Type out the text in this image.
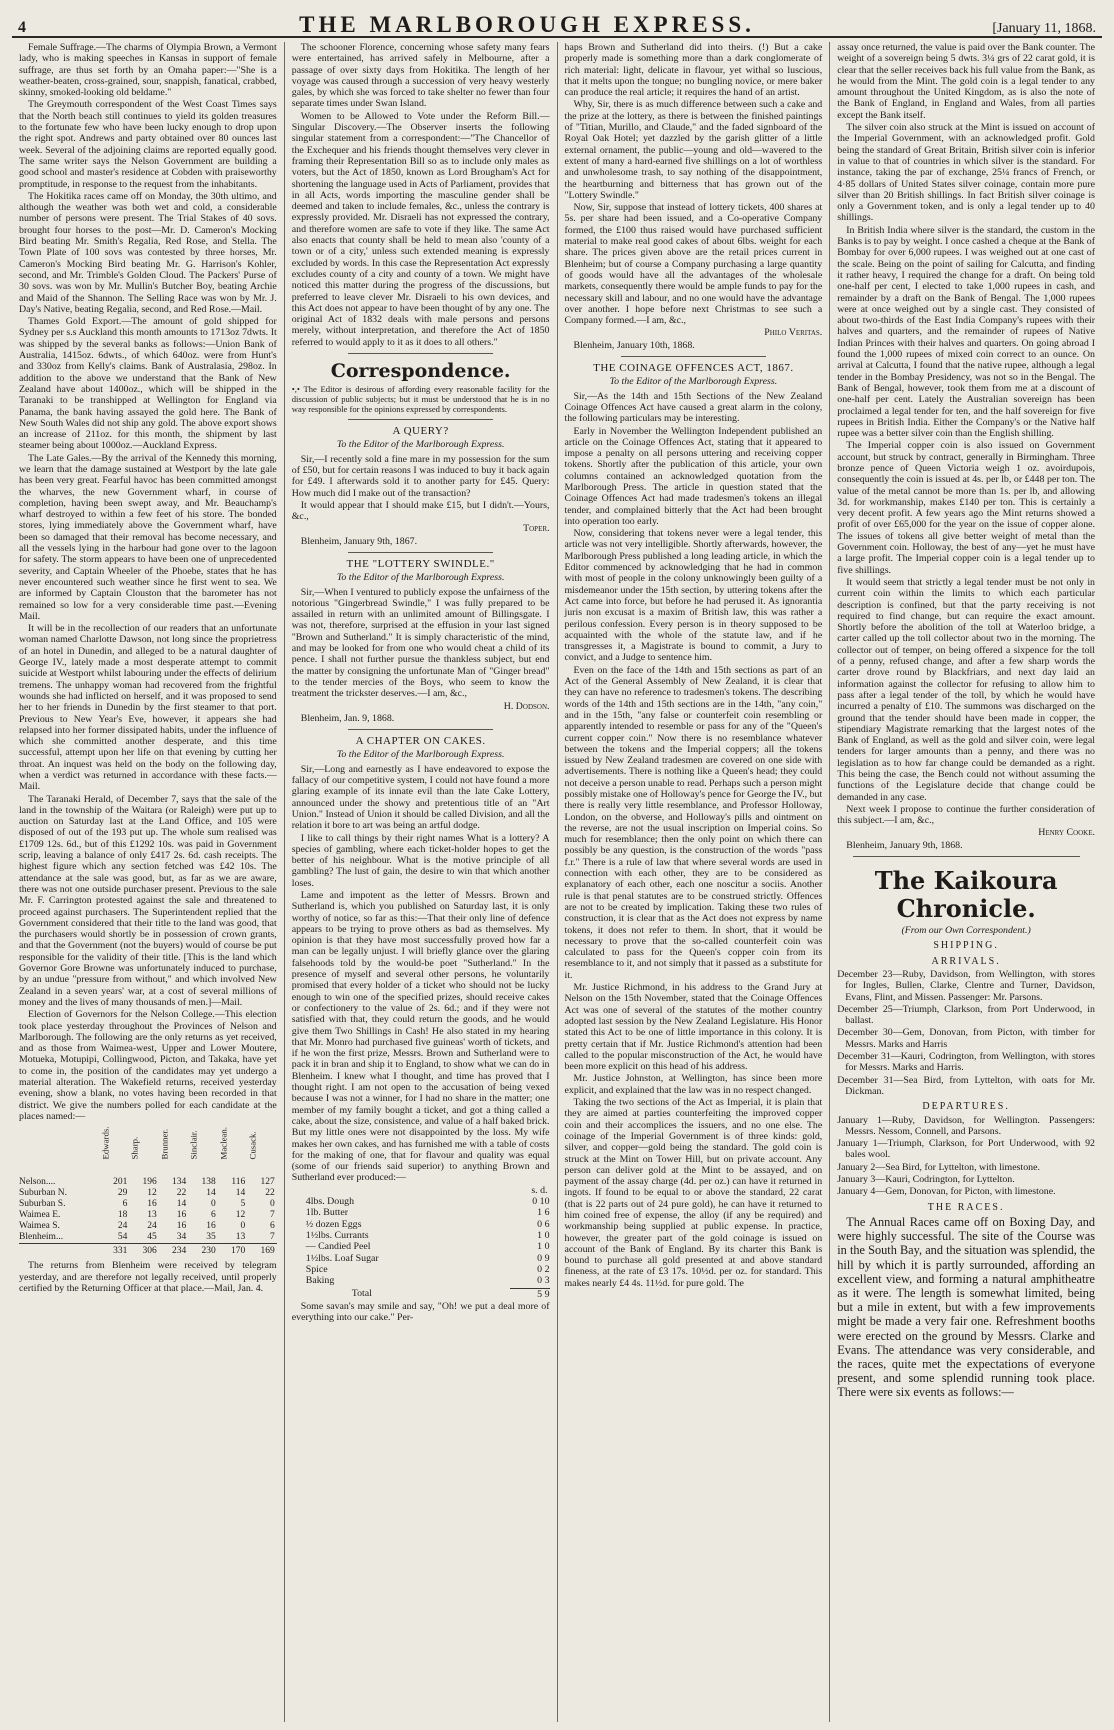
4	THE MARLBOROUGH EXPRESS.	[January 11, 1868.

Female Suffrage.—The charms of Olympia Brown, a Vermont lady, who is making speeches in Kansas in support of female suffrage, are thus set forth by an Omaha paper:—"She is a weather-beaten, cross-grained, sour, snappish, fanatical, crabbed, skinny, smoked-looking old beldame."

The Greymouth correspondent of the West Coast Times says that the North beach still continues to yield its golden treasures to the fortunate few who have been lucky enough to drop upon the right spot. Andrews and party obtained over 80 ounces last week. Several of the adjoining claims are reported equally good. The same writer says the Nelson Government are building a good school and master's residence at Cobden with praiseworthy promptitude, in response to the request from the inhabitants.

The Hokitika races came off on Monday, the 30th ultimo, and although the weather was both wet and cold, a considerable number of persons were present. The Trial Stakes of 40 sovs. brought four horses to the post—Mr. D. Cameron's Mocking Bird beating Mr. Smith's Regalia, Red Rose, and Stella. The Town Plate of 100 sovs was contested by three horses, Mr. Cameron's Mocking Bird beating Mr. G. Harrison's Kohler, second, and Mr. Trimble's Golden Cloud. The Packers' Purse of 30 sovs. was won by Mr. Mullin's Butcher Boy, beating Archie and Maid of the Shannon. The Selling Race was won by Mr. J. Day's Native, beating Regalia, second, and Red Rose.—Mail.

Thames Gold Export.—The amount of gold shipped for Sydney per s.s Auckland this month amounts to 1713oz 7dwts. It was shipped by the several banks as follows:—Union Bank of Australia, 1415oz. 6dwts., of which 640oz. were from Hunt's and 330oz from Kelly's claims. Bank of Australasia, 298oz. In addition to the above we understand that the Bank of New Zealand have about 1400oz., which will be shipped in the Taranaki to be transhipped at Wellington for England via Panama, the bank having assayed the gold here. The Bank of New South Wales did not ship any gold. The above export shows an increase of 211oz. for this month, the shipment by last steamer being about 1000oz.—Auckland Express.

The Late Gales.—By the arrival of the Kennedy this morning, we learn that the damage sustained at Westport by the late gale has been very great. Fearful havoc has been committed amongst the wharves, the new Government wharf, in course of completion, having been swept away, and Mr. Beauchamp's wharf destroyed to within a few feet of his store. The bonded stores, lying immediately above the Government wharf, have been so damaged that their removal has become necessary, and all the vessels lying in the harbour had gone over to the lagoon for safety. The storm appears to have been one of unprecedented severity, and Captain Wheeler of the Phoebe, states that he has never encountered such weather since he first went to sea. We are informed by Captain Clouston that the barometer has not remained so low for a very considerable time past.—Evening Mail.

It will be in the recollection of our readers that an unfortunate woman named Charlotte Dawson, not long since the proprietress of an hotel in Dunedin, and alleged to be a natural daughter of George IV., lately made a most desperate attempt to commit suicide at Westport whilst labouring under the effects of delirium tremens. The unhappy woman had recovered from the frightful wounds she had inflicted on herself, and it was proposed to send her to her friends in Dunedin by the first steamer to that port. Previous to New Year's Eve, however, it appears she had relapsed into her former dissipated habits, under the influence of which she committed another desperate, and this time successful, attempt upon her life on that evening by cutting her throat. An inquest was held on the body on the following day, when a verdict was returned in accordance with these facts.—Mail.

The Taranaki Herald, of December 7, says that the sale of the land in the township of the Waitara (or Raleigh) were put up to auction on Saturday last at the Land Office, and 105 were disposed of out of the 193 put up. The whole sum realised was £1709 12s. 6d., but of this £1292 10s. was paid in Government scrip, leaving a balance of only £417 2s. 6d. cash receipts. The highest figure which any section fetched was £42 10s. The attendance at the sale was good, but, as far as we are aware, there was not one outside purchaser present. Previous to the sale Mr. F. Carrington protested against the sale and threatened to proceed against purchasers. The Superintendent replied that the Government considered that their title to the land was good, that the purchasers would shortly be in possession of crown grants, and that the Government (not the buyers) would of course be put responsible for the validity of their title. [This is the land which Governor Gore Browne was unfortunately induced to purchase, by an undue "pressure from without," and which involved New Zealand in a seven years' war, at a cost of several millions of money and the lives of many thousands of men.]—Mail.

Election of Governors for the Nelson College.—This election took place yesterday throughout the Provinces of Nelson and Marlborough. The following are the only returns as yet received, and as those from Waimea-west, Upper and Lower Moutere, Motueka, Motupipi, Collingwood, Picton, and Takaka, have yet to come in, the position of the candidates may yet undergo a material alteration. The Wakefield returns, received yesterday evening, show a blank, no votes having been recorded in that district. We give the numbers polled for each candidate at the places named:—

	Edwards.	Sharp.	Brunner.	Sinclair.	Maclean.	Cusack.
Nelson....	201	196	134	138	116	127
Suburban N.	29	12	22	14	14	22
Suburban S.	6	16	14	0	5	0
Waimea E.	18	13	16	6	12	7
Waimea S.	24	24	16	16	0	6
Blenheim...	54	45	34	35	13	7
	331	306	234	230	170	169

The returns from Blenheim were received by telegram yesterday, and are therefore not legally received, until properly certified by the Returning Officer at that place.—Mail, Jan. 4.

The schooner Florence, concerning whose safety many fears were entertained, has arrived safely in Melbourne, after a passage of over sixty days from Hokitika. The length of her voyage was caused through a succession of very heavy westerly gales, by which she was forced to take shelter no fewer than four separate times under Swan Island.

Women to be Allowed to Vote under the Reform Bill.—Singular Discovery.—The Observer inserts the following singular statement from a correspondent:—"The Chancellor of the Exchequer and his friends thought themselves very clever in framing their Representation Bill so as to include only males as voters, but the Act of 1850, known as Lord Brougham's Act for shortening the language used in Acts of Parliament, provides that in all Acts, words importing the masculine gender shall be deemed and taken to include females, &c., unless the contrary is expressly provided. Mr. Disraeli has not expressed the contrary, and therefore women are safe to vote if they like. The same Act also enacts that county shall be held to mean also 'county of a town or of a city,' unless such extended meaning is expressly excluded by words. In this case the Representation Act expressly excludes county of a city and county of a town. We might have noticed this matter during the progress of the discussions, but preferred to leave clever Mr. Disraeli to his own devices, and this Act does not appear to have been thought of by any one. The original Act of 1832 deals with male persons and persons merely, without interpretation, and therefore the Act of 1850 referred to would apply to it as it does to all others."

Correspondence.

•,• The Editor is desirous of affording every reasonable facility for the discussion of public subjects; but it must be understood that he is in no way responsible for the opinions expressed by correspondents.

A QUERY?

To the Editor of the Marlborough Express.

Sir,—I recently sold a fine mare in my possession for the sum of £50, but for certain reasons I was induced to buy it back again for £49. I afterwards sold it to another party for £45. Query: How much did I make out of the transaction?

It would appear that I should make £15, but I didn't.—Yours, &c.,

Toper.

Blenheim, January 9th, 1867.

THE "LOTTERY SWINDLE."

To the Editor of the Marlborough Express.

Sir,—When I ventured to publicly expose the unfairness of the notorious "Gingerbread Swindle," I was fully prepared to be assailed in return with an unlimited amount of Billingsgate. I was not, therefore, surprised at the effusion in your last signed "Brown and Sutherland." It is simply characteristic of the mind, and may be looked for from one who would cheat a child of its pence. I shall not further pursue the thankless subject, but end the matter by consigning the unfortunate Man of "Ginger bread" to the tender mercies of the Boys, who seem to know the treatment the trickster deserves.—I am, &c.,

H. Dodson.

Blenheim, Jan. 9, 1868.

A CHAPTER ON CAKES.

To the Editor of the Marlborough Express.

Sir,—Long and earnestly as I have endeavored to expose the fallacy of our competitive system, I could not have found a more glaring example of its innate evil than the late Cake Lottery, announced under the showy and pretentious title of an "Art Union." Instead of Union it should be called Division, and all the relation it bore to art was being an artful dodge.

I like to call things by their right names What is a lottery? A species of gambling, where each ticket-holder hopes to get the better of his neighbour. What is the motive principle of all gambling? The lust of gain, the desire to win that which another loses.

Lame and impotent as the letter of Messrs. Brown and Sutherland is, which you published on Saturday last, it is only worthy of notice, so far as this:—That their only line of defence appears to be trying to prove others as bad as themselves. My opinion is that they have most successfully proved how far a man can be legally unjust. I will briefly glance over the glaring falsehoods told by the would-be poet "Sutherland." In the presence of myself and several other persons, he voluntarily promised that every holder of a ticket who should not be lucky enough to win one of the specified prizes, should receive cakes or confectionery to the value of 2s. 6d.; and if they were not satisfied with that, they could return the goods, and he would give them Two Shillings in Cash! He also stated in my hearing that Mr. Monro had purchased five guineas' worth of tickets, and if he won the first prize, Messrs. Brown and Sutherland were to pack it in bran and ship it to England, to show what we can do in Blenheim. I knew what I thought, and time has proved that I thought right. I am not open to the accusation of being vexed because I was not a winner, for I had no share in the matter; one member of my family bought a ticket, and got a thing called a cake, about the size, consistence, and value of a half baked brick. But my little ones were not disappointed by the loss. My wife makes her own cakes, and has furnished me with a table of costs for the making of one, that for flavour and quality was equal (some of our friends said superior) to anything Brown and Sutherland ever produced:—

s. d.
4lbs. Dough	0 10
1lb. Butter	1 6
½ dozen Eggs	0 6
1½lbs. Currants	1 0
— Candied Peel	1 0
1½lbs. Loaf Sugar	0 9
Spice	0 2
Baking	0 3
Total	5 9

Some savan's may smile and say, "Oh! we put a deal more of everything into our cake." Per-

haps Brown and Sutherland did into theirs. (!) But a cake properly made is something more than a dark conglomerate of rich material: light, delicate in flavour, yet withal so luscious, that it melts upon the tongue; no bungling novice, or mere baker can produce the real article; it requires the hand of an artist.

Why, Sir, there is as much difference between such a cake and the prize at the lottery, as there is between the finished paintings of "Titian, Murillo, and Claude," and the faded signboard of the Royal Oak Hotel; yet dazzled by the garish glitter of a little external ornament, the public—young and old—wavered to the extent of many a hard-earned five shillings on a lot of worthless and unwholesome trash, to say nothing of the disappointment, the heartburning and bitterness that has grown out of the "Lottery Swindle."

Now, Sir, suppose that instead of lottery tickets, 400 shares at 5s. per share had been issued, and a Co-operative Company formed, the £100 thus raised would have purchased sufficient material to make real good cakes of about 6lbs. weight for each share. The prices given above are the retail prices current in Blenheim; but of course a Company purchasing a large quantity of goods would have all the advantages of the wholesale markets, consequently there would be ample funds to pay for the necessary skill and labour, and no one would have the advantage over another. I hope before next Christmas to see such a Company formed.—I am, &c.,

Philo Veritas.

Blenheim, January 10th, 1868.

THE COINAGE OFFENCES ACT, 1867.

To the Editor of the Marlborough Express.

Sir,—As the 14th and 15th Sections of the New Zealand Coinage Offences Act have caused a great alarm in the colony, the following particulars may be interesting.

Early in November the Wellington Independent published an article on the Coinage Offences Act, stating that it appeared to impose a penalty on all persons uttering and receiving copper tokens. Shortly after the publication of this article, your own columns contained an acknowledged quotation from the Marlborough Press. The article in question stated that the Coinage Offences Act had made tradesmen's tokens an illegal tender, and complained bitterly that the Act had been brought into operation too early.

Now, considering that tokens never were a legal tender, this article was not very intelligible. Shortly afterwards, however, the Marlborough Press published a long leading article, in which the Editor commenced by acknowledging that he had in common with most of people in the colony unknowingly been guilty of a misdemeanor under the 15th section, by uttering tokens after the Act came into force, but before he had perused it. As ignorantia juris non excusat is a maxim of British law, this was rather a perilous confession. Every person is in theory supposed to be acquainted with the whole of the statute law, and if he transgresses it, a Magistrate is bound to commit, a Jury to convict, and a Judge to sentence him.

Even on the face of the 14th and 15th sections as part of an Act of the General Assembly of New Zealand, it is clear that they can have no reference to tradesmen's tokens. The describing words of the 14th and 15th sections are in the 14th, "any coin," and in the 15th, "any false or counterfeit coin resembling or apparently intended to resemble or pass for any of the "Queen's current copper coin." Now there is no resemblance whatever between the tokens and the Imperial coppers; all the tokens issued by New Zealand tradesmen are covered on one side with advertisements. There is nothing like a Queen's head; they could not deceive a person unable to read. Perhaps such a person might possibly mistake one of Holloway's pence for George the IV., but there is really very little resemblance, and Professor Holloway, London, on the obverse, and Holloway's pills and ointment on the reverse, are not the usual inscription on Imperial coins. So much for resemblance; then the only point on which there can possibly be any question, is the construction of the words "pass f.r." There is a rule of law that where several words are used in connection with each other, they are to be considered as explanatory of each other, each one noscitur a sociis. Another rule is that penal statutes are to be construed strictly. Offences are not to be created by implication. Taking these two rules of construction, it is clear that as the Act does not express by name tokens, it does not refer to them. In short, that it would be necessary to prove that the so-called counterfeit coin was calculated to pass for the Queen's copper coin from its resemblance to it, and not simply that it passed as a substitute for it.

Mr. Justice Richmond, in his address to the Grand Jury at Nelson on the 15th November, stated that the Coinage Offences Act was one of several of the statutes of the mother country adopted last session by the New Zealand Legislature. His Honor stated this Act to be one of little importance in this colony. It is pretty certain that if Mr. Justice Richmond's attention had been called to the popular misconstruction of the Act, he would have been more explicit on this head of his address.

Mr. Justice Johnston, at Wellington, has since been more explicit, and explained that the law was in no respect changed.

Taking the two sections of the Act as Imperial, it is plain that they are aimed at parties counterfeiting the improved copper coin and their accomplices the issuers, and no one else. The coinage of the Imperial Government is of three kinds: gold, silver, and copper—gold being the standard. The gold coin is struck at the Mint on Tower Hill, but on private account. Any person can deliver gold at the Mint to be assayed, and on payment of the assay charge (4d. per oz.) can have it returned in ingots. If found to be equal to or above the standard, 22 carat (that is 22 parts out of 24 pure gold), he can have it returned to him coined free of expense, the alloy (if any be required) and workmanship being supplied at public expense. In practice, however, the greater part of the gold coinage is issued on account of the Bank of England. By its charter this Bank is bound to purchase all gold presented at and above standard fineness, at the rate of £3 17s. 10½d. per oz. for standard. This makes nearly £4 4s. 11½d. for pure gold. The

assay once returned, the value is paid over the Bank counter. The weight of a sovereign being 5 dwts. 3¼ grs of 22 carat gold, it is clear that the seller receives back his full value from the Bank, as he would from the Mint. The gold coin is a legal tender to any amount throughout the United Kingdom, as is also the note of the Bank of England, in England and Wales, from all parties except the Bank itself.

The silver coin also struck at the Mint is issued on account of the Imperial Government, with an acknowledged profit. Gold being the standard of Great Britain, British silver coin is inferior in value to that of countries in which silver is the standard. For instance, taking the par of exchange, 25¼ francs of French, or 4·85 dollars of United States silver coinage, contain more pure silver than 20 British shillings. In fact British silver coinage is only a Government token, and is only a legal tender up to 40 shillings.

In British India where silver is the standard, the custom in the Banks is to pay by weight. I once cashed a cheque at the Bank of Bombay for over 6,000 rupees. I was weighed out at one cast of the scale. Being on the point of sailing for Calcutta, and finding it rather heavy, I required the change for a draft. On being told one-half per cent, I elected to take 1,000 rupees in cash, and remainder by a draft on the Bank of Bengal. The 1,000 rupees were at once weighed out by a single cast. They consisted of about two-thirds of the East India Company's rupees with their halves and quarters, and the remainder of rupees of Native Indian Princes with their halves and quarters. On going abroad I found the 1,000 rupees of mixed coin correct to an ounce. On arrival at Calcutta, I found that the native rupee, although a legal tender in the Bombay Presidency, was not so in the Bengal. The Bank of Bengal, however, took them from me at a discount of one-half per cent. Lately the Australian sovereign has been proclaimed a legal tender for ten, and the half sovereign for five rupees in British India. Either the Company's or the Native half rupee was a better silver coin than the English shilling.

The Imperial copper coin is also issued on Government account, but struck by contract, generally in Birmingham. Three bronze pence of Queen Victoria weigh 1 oz. avoirdupois, consequently the coin is issued at 4s. per lb, or £448 per ton. The value of the metal cannot be more than 1s. per lb, and allowing 3d. for workmanship, makes £140 per ton. This is certainly a very decent profit. A few years ago the Mint returns showed a profit of over £65,000 for the year on the issue of copper alone. The issues of tokens all give better weight of metal than the Government coin. Holloway, the best of any—yet he must have a large profit. The Imperial copper coin is a legal tender up to five shillings.

It would seem that strictly a legal tender must be not only in current coin within the limits to which each particular description is confined, but that the party receiving is not required to find change, but can require the exact amount. Shortly before the abolition of the toll at Waterloo bridge, a carter called up the toll collector about two in the morning. The collector out of temper, on being offered a sixpence for the toll of a penny, refused change, and after a few sharp words the carter drove round by Blackfriars, and next day laid an information against the collector for refusing to allow him to pass after a legal tender of the toll, by which he would have incurred a penalty of £10. The summons was discharged on the ground that the tender should have been made in copper, the stipendiary Magistrate remarking that the largest notes of the Bank of England, as well as the gold and silver coin, were legal tenders for larger amounts than a penny, and there was no legislation as to how far change could be demanded as a right. This being the case, the Bench could not without assuming the functions of the Legislature decide that change could be demanded in any case.

Next week I propose to continue the further consideration of this subject.—I am, &c.,

Henry Cooke.

Blenheim, January 9th, 1868.

The Kaikoura Chronicle.

(From our Own Correspondent.)

SHIPPING.
ARRIVALS.
December 23—Ruby, Davidson, from Wellington, with stores for Ingles, Bullen, Clarke, Clentre and Turner, Davidson, Evans, Flint, and Missen. Passenger: Mr. Parsons.
December 25—Triumph, Clarkson, from Port Underwood, in ballast.
December 30—Gem, Donovan, from Picton, with timber for Messrs. Marks and Harris
December 31—Kauri, Codrington, from Wellington, with stores for Messrs. Marks and Harris.
December 31—Sea Bird, from Lyttelton, with oats for Mr. Dickman.
DEPARTURES.
January 1—Ruby, Davidson, for Wellington. Passengers: Messrs. Nessom, Connell, and Parsons.
January 1—Triumph, Clarkson, for Port Underwood, with 92 bales wool.
January 2—Sea Bird, for Lyttelton, with limestone.
January 3—Kauri, Codrington, for Lyttelton.
January 4—Gem, Donovan, for Picton, with limestone.
THE RACES.

The Annual Races came off on Boxing Day, and were highly successful. The site of the Course was in the South Bay, and the situation was splendid, the hill by which it is partly surrounded, affording an excellent view, and forming a natural amphitheatre as it were. The length is somewhat limited, being but a mile in extent, but with a few improvements might be made a very fair one. Refreshment booths were erected on the ground by Messrs. Clarke and Evans. The attendance was very considerable, and the races, quite met the expectations of everyone present, and some splendid running took place. There were six events as follows:—
